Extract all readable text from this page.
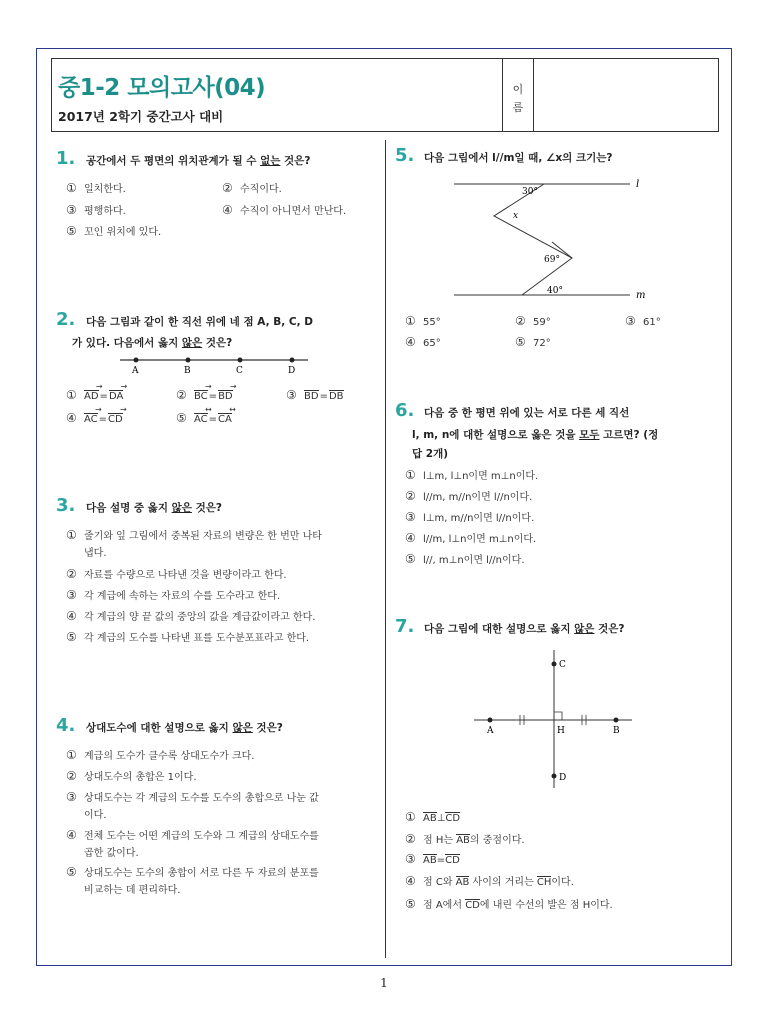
중1-2 모의고사(04)
2017년 2학기 중간고사 대비
이
름
1. 공간에서 두 평면의 위치관계가 될 수 없는 것은?
① 일치한다.	② 수직이다.
③ 평행하다.	④ 수직이 아니면서 만난다.
⑤ 꼬인 위치에 있다.
2. 다음 그림과 같이 한 직선 위에 네 점 A, B, C, D
가 있다. 다음에서 옳지 않은 것은?
A	B	C	D
① AD
→
=DA
→
② BC
→
=BD
→
③ BD=DB
④ AC
→
=CD
→
⑤ AC
↔
=CA
↔
3. 다음 설명 중 옳지 않은 것은?
① 줄기와 잎 그림에서 중복된 자료의 변량은 한 번만 나타
냅다.
② 자료를 수량으로 나타낸 것을 변량이라고 한다.
③ 각 계급에 속하는 자료의 수를 도수라고 한다.
④ 각 계급의 양 끝 값의 중앙의 값을 계급값이라고 한다.
⑤ 각 계급의 도수를 나타낸 표를 도수분포표라고 한다.
4. 상대도수에 대한 설명으로 옳지 않은 것은?
① 계급의 도수가 클수록 상대도수가 크다.
② 상대도수의 총합은 1이다.
③ 상대도수는 각 계급의 도수를 도수의 총합으로 나눈 값
이다.
④ 전체 도수는 어떤 계급의 도수와 그 계급의 상대도수를
곱한 값이다.
⑤ 상대도수는 도수의 총합이 서로 다른 두 자료의 분포를
비교하는 데 편리하다.
5. 다음 그림에서 l//m일 때, ∠x의 크기는?
30°
x
69°
40°
l
m
① 55°	② 59°	③ 61°
④ 65°	⑤ 72°
6. 다음 중 한 평면 위에 있는 서로 다른 세 직선
l, m, n에 대한 설명으로 옳은 것을 모두 고르면? (정
답 2개)
① l⊥m, l⊥n이면 m⊥n이다.
② l//m, m//n이면 l//n이다.
③ l⊥m, m//n이면 l//n이다.
④ l//m, l⊥n이면 m⊥n이다.
⑤ l//, m⊥n이면 l//n이다.
7. 다음 그림에 대한 설명으로 옳지 않은 것은?
A	B
C
D
H
① AB⊥CD
② 점 H는 AB의 중점이다.
③ AB=CD
④ 점 C와 AB 사이의 거리는 CH이다.
⑤ 점 A에서 CD에 내린 수선의 발은 점 H이다.
1
